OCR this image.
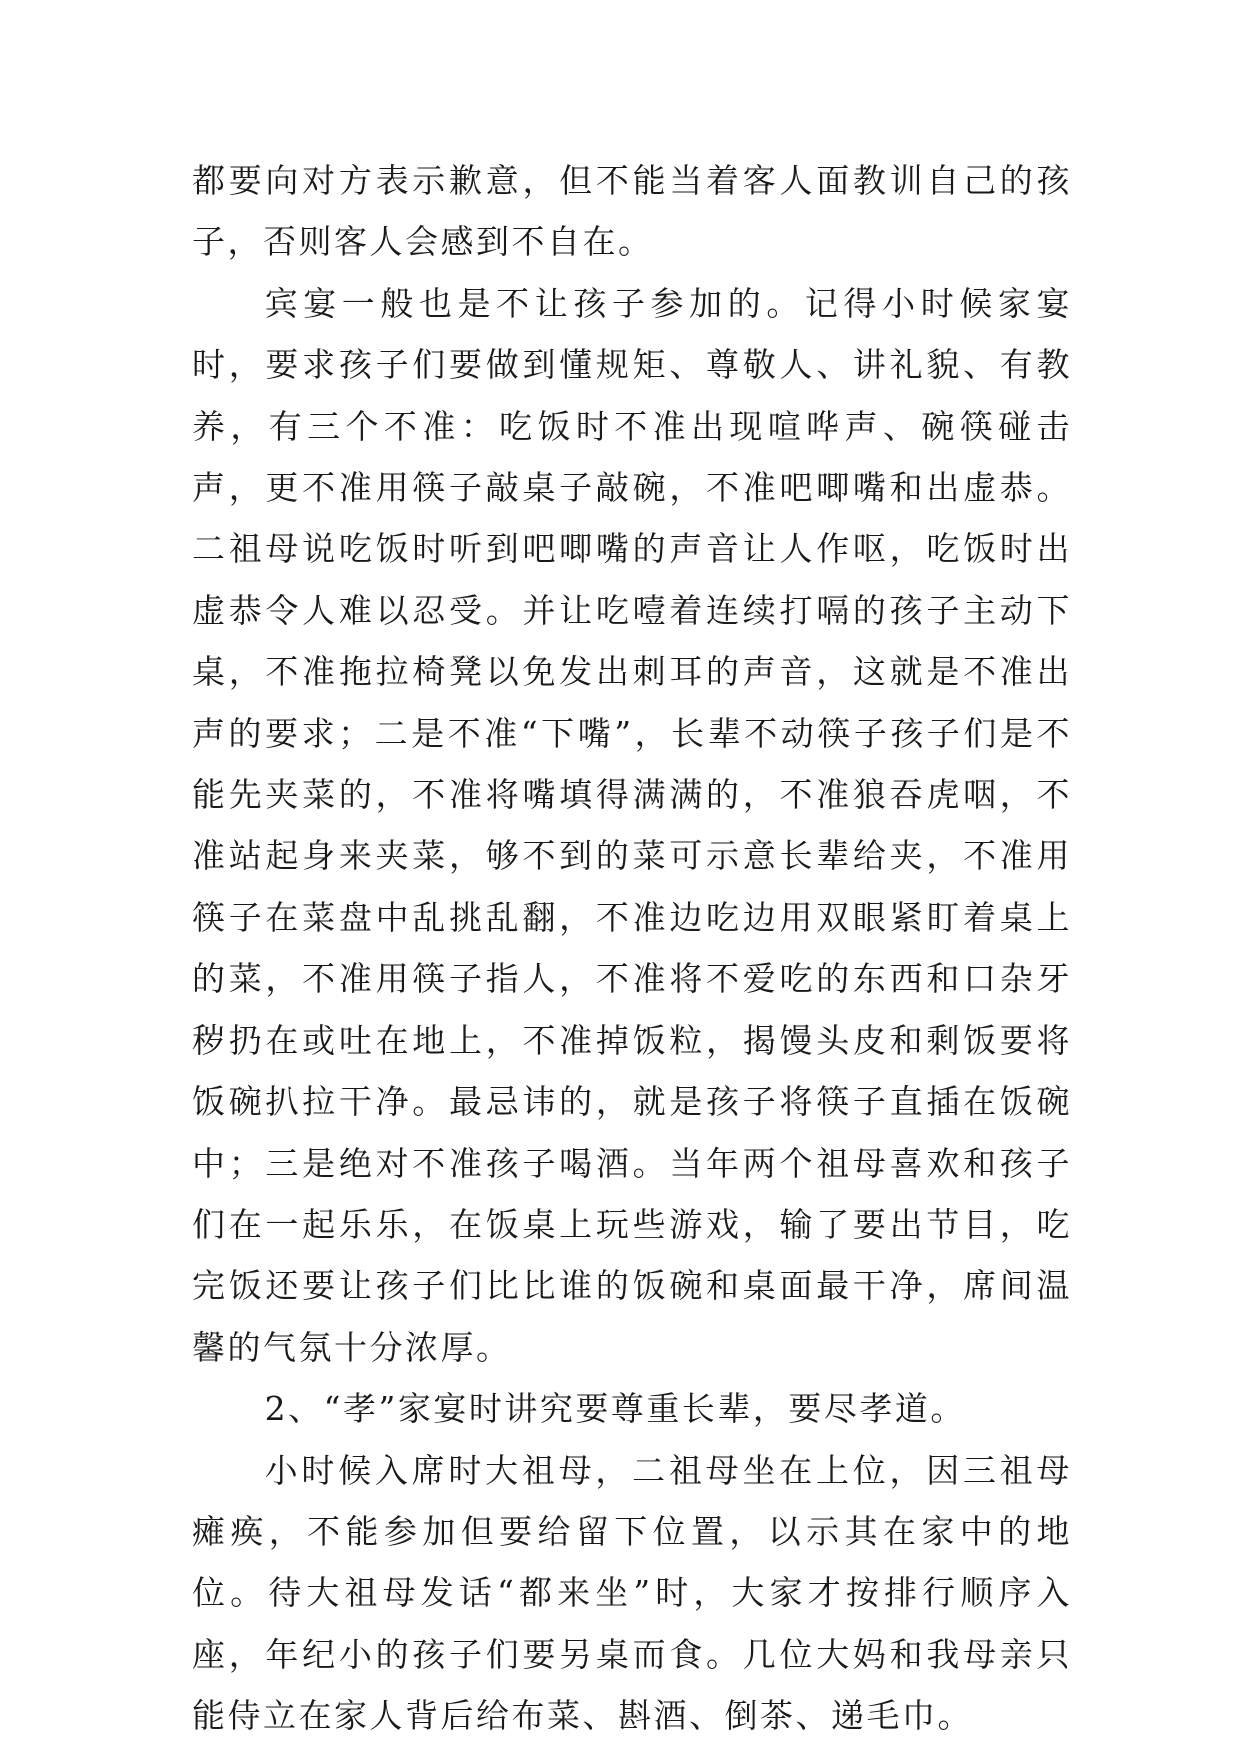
都要向对方表示歉意，但不能当着客人面教训自己的孩子，否则客人会感到不自在。

宾宴一般也是不让孩子参加的。记得小时候家宴时，要求孩子们要做到懂规矩、尊敬人、讲礼貌、有教养，有三个不准：吃饭时不准出现喧哗声、碗筷碰击声，更不准用筷子敲桌子敲碗，不准吧唧嘴和出虚恭。二祖母说吃饭时听到吧唧嘴的声音让人作呕，吃饭时出虚恭令人难以忍受。并让吃噎着连续打嗝的孩子主动下桌，不准拖拉椅凳以免发出刺耳的声音，这就是不准出声的要求；二是不准“下嘴”，长辈不动筷子孩子们是不能先夹菜的，不准将嘴填得满满的，不准狼吞虎咽，不准站起身来夹菜，够不到的菜可示意长辈给夹，不准用筷子在菜盘中乱挑乱翻，不准边吃边用双眼紧盯着桌上的菜，不准用筷子指人，不准将不爱吃的东西和口杂牙秽扔在或吐在地上，不准掉饭粒，揭馒头皮和剩饭要将饭碗扒拉干净。最忌讳的，就是孩子将筷子直插在饭碗中；三是绝对不准孩子喝酒。当年两个祖母喜欢和孩子们在一起乐乐，在饭桌上玩些游戏，输了要出节目，吃完饭还要让孩子们比比谁的饭碗和桌面最干净，席间温馨的气氛十分浓厚。

2、“孝”家宴时讲究要尊重长辈，要尽孝道。

小时候入席时大祖母，二祖母坐在上位，因三祖母瘫痪，不能参加但要给留下位置，以示其在家中的地位。待大祖母发话“都来坐”时，大家才按排行顺序入座，年纪小的孩子们要另桌而食。几位大妈和我母亲只能侍立在家人背后给布菜、斟酒、倒茶、递毛巾。
